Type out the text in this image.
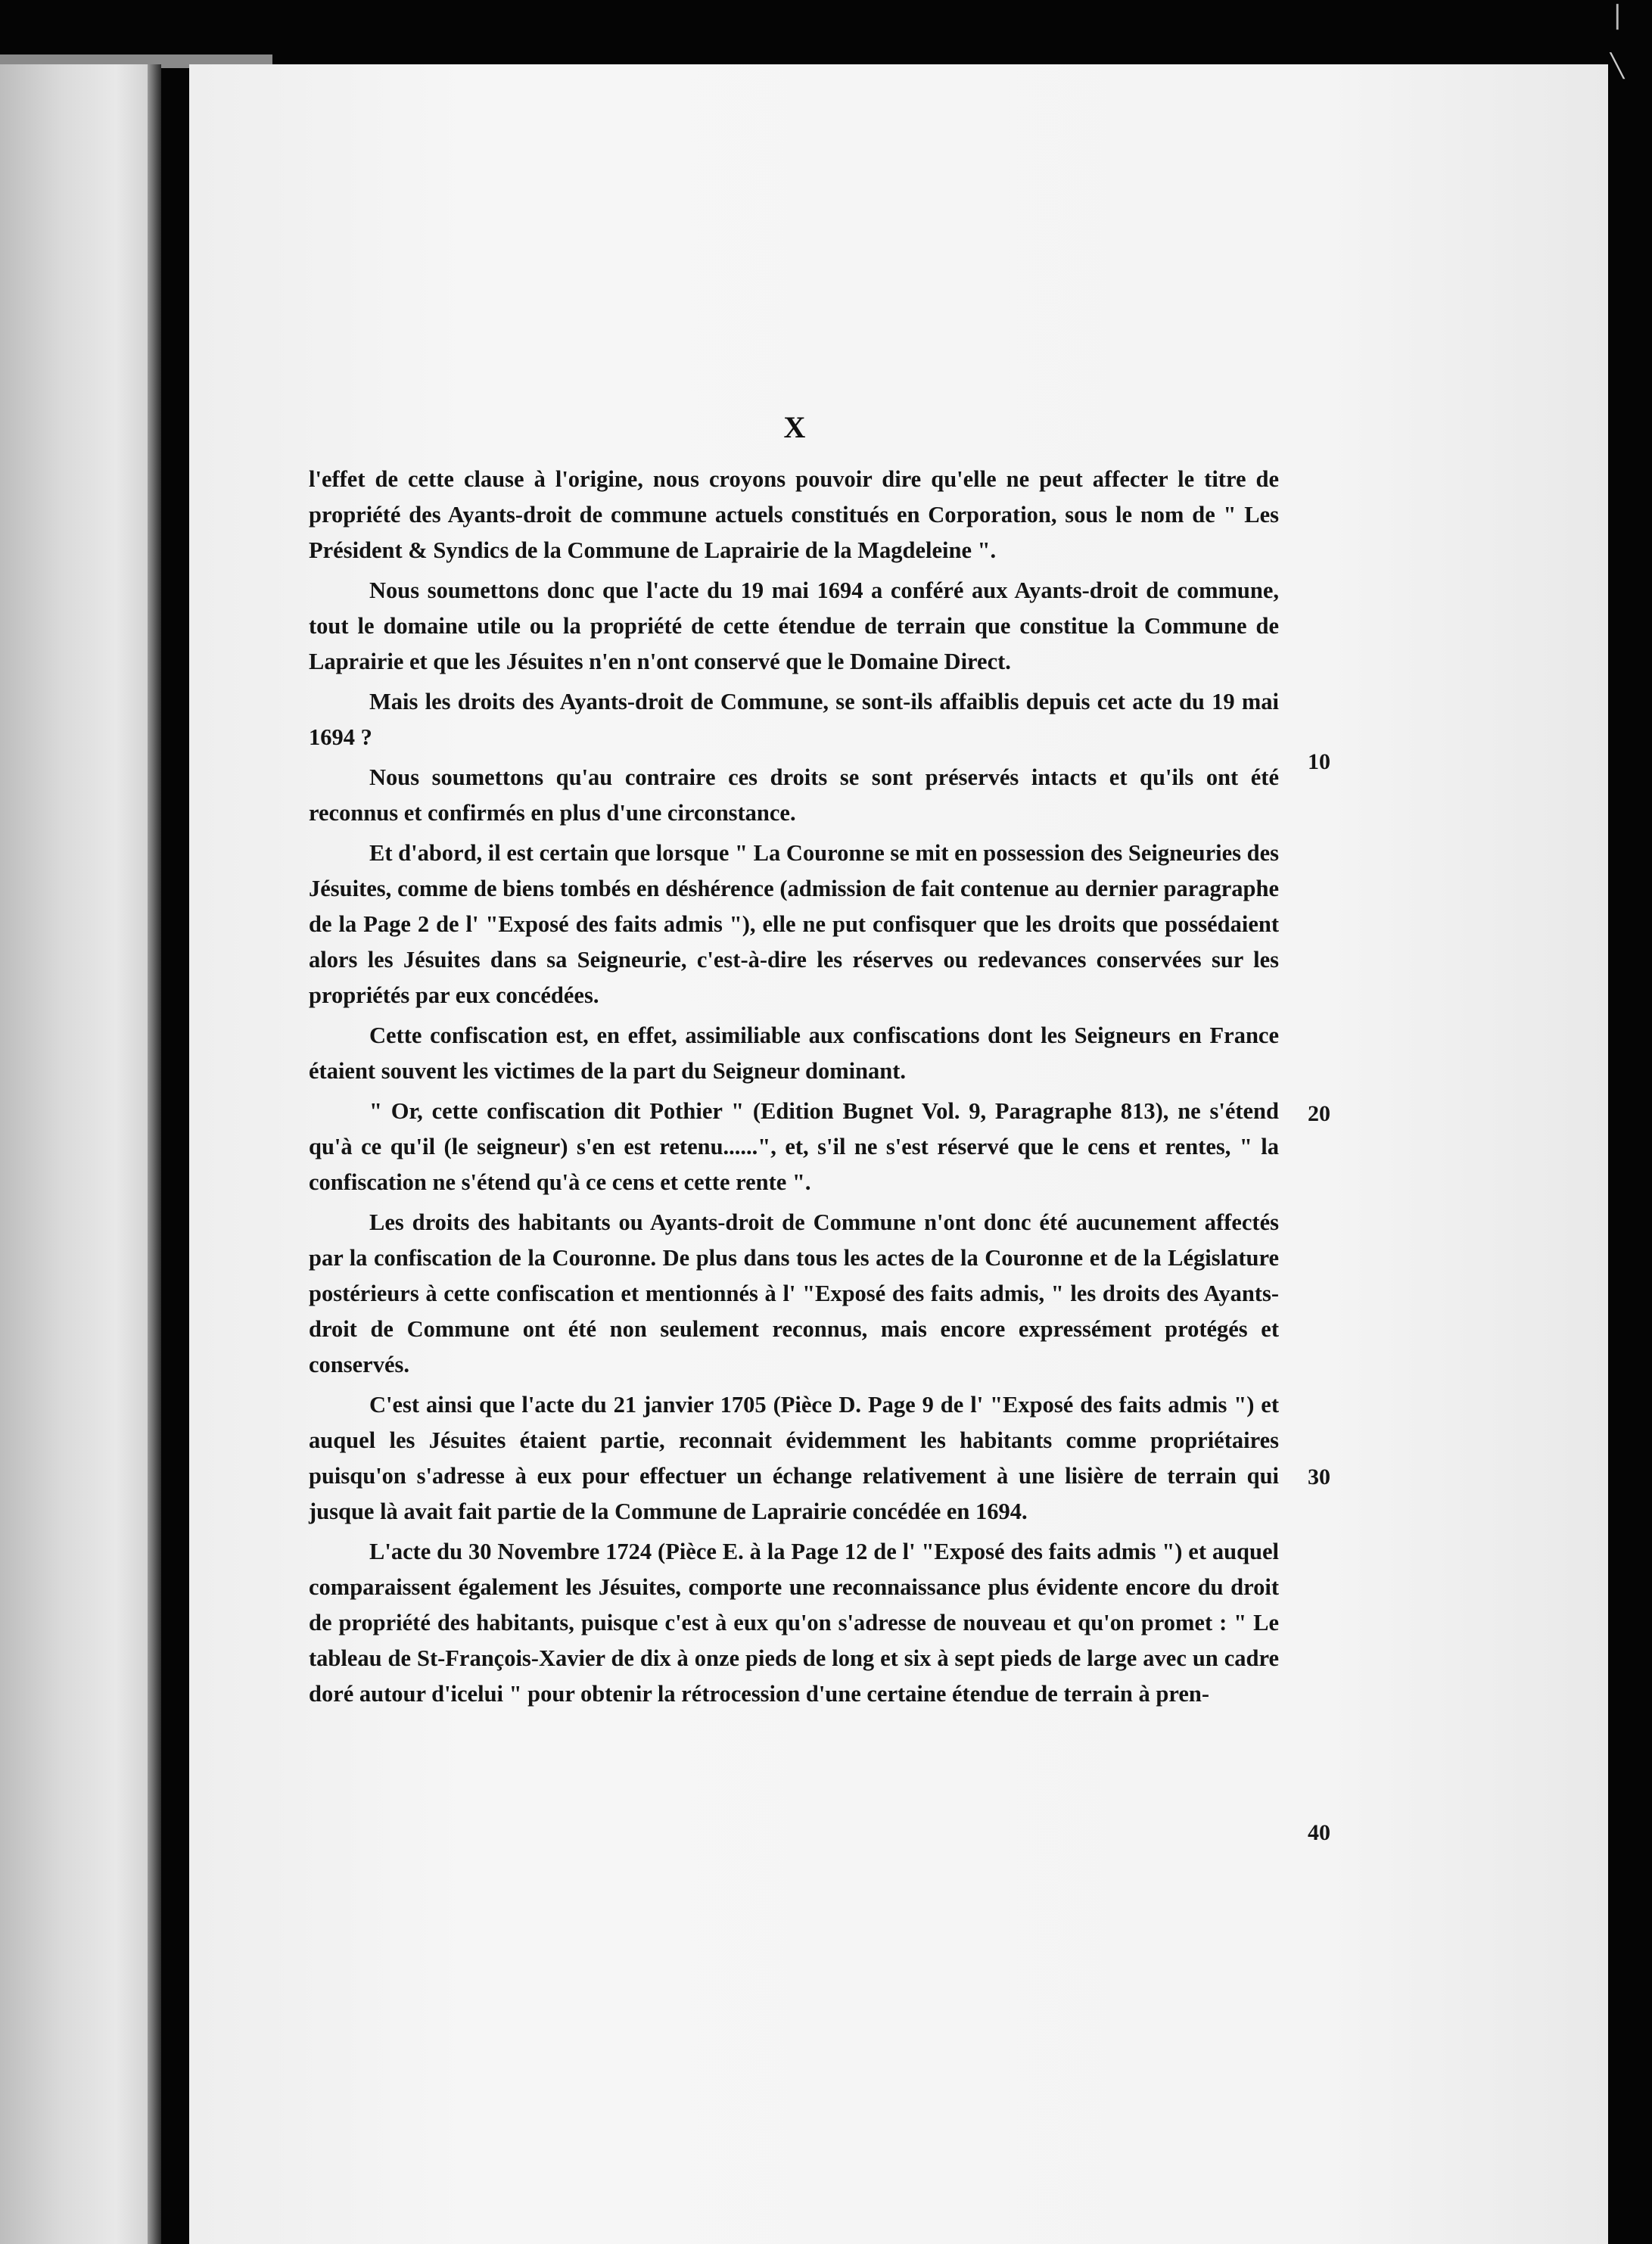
❘
╲
X

l'effet de cette clause à l'origine, nous croyons pouvoir dire qu'elle ne peut affecter le titre de propriété des Ayants-droit de commune actuels constitués en Corporation, sous le nom de " Les Président & Syndics de la Commune de Laprairie de la Magdeleine ".

Nous soumettons donc que l'acte du 19 mai 1694 a conféré aux Ayants-droit de commune, tout le domaine utile ou la propriété de cette étendue de terrain que constitue la Commune de Laprairie et que les Jésuites n'en n'ont conservé que le Domaine Direct.

Mais les droits des Ayants-droit de Commune, se sont-ils affaiblis depuis cet acte du 19 mai 1694 ?

Nous soumettons qu'au contraire ces droits se sont préservés intacts et qu'ils ont été reconnus et confirmés en plus d'une circonstance.

Et d'abord, il est certain que lorsque " La Couronne se mit en possession des Seigneuries des Jésuites, comme de biens tombés en déshérence (admission de fait contenue au dernier paragraphe de la Page 2 de l' "Exposé des faits admis "), elle ne put confisquer que les droits que possédaient alors les Jésuites dans sa Seigneurie, c'est-à-dire les réserves ou redevances conservées sur les propriétés par eux concédées.

Cette confiscation est, en effet, assimiliable aux confiscations dont les Seigneurs en France étaient souvent les victimes de la part du Seigneur dominant.

" Or, cette confiscation dit Pothier " (Edition Bugnet Vol. 9, Paragraphe 813), ne s'étend qu'à ce qu'il (le seigneur) s'en est retenu......", et, s'il ne s'est réservé que le cens et rentes, " la confiscation ne s'étend qu'à ce cens et cette rente ".

Les droits des habitants ou Ayants-droit de Commune n'ont donc été aucunement affectés par la confiscation de la Couronne. De plus dans tous les actes de la Couronne et de la Législature postérieurs à cette confiscation et mentionnés à l' "Exposé des faits admis, " les droits des Ayants-droit de Commune ont été non seulement reconnus, mais encore expressément protégés et conservés.

C'est ainsi que l'acte du 21 janvier 1705 (Pièce D. Page 9 de l' "Exposé des faits admis ") et auquel les Jésuites étaient partie, reconnait évidemment les habitants comme propriétaires puisqu'on s'adresse à eux pour effectuer un échange relativement à une lisière de terrain qui jusque là avait fait partie de la Commune de Laprairie concédée en 1694.

L'acte du 30 Novembre 1724 (Pièce E. à la Page 12 de l' "Exposé des faits admis ") et auquel comparaissent également les Jésuites, comporte une reconnaissance plus évidente encore du droit de propriété des habitants, puisque c'est à eux qu'on s'adresse de nouveau et qu'on promet : " Le tableau de St-François-Xavier de dix à onze pieds de long et six à sept pieds de large avec un cadre doré autour d'icelui " pour obtenir la rétrocession d'une certaine étendue de terrain à pren-

10
20
30
40
